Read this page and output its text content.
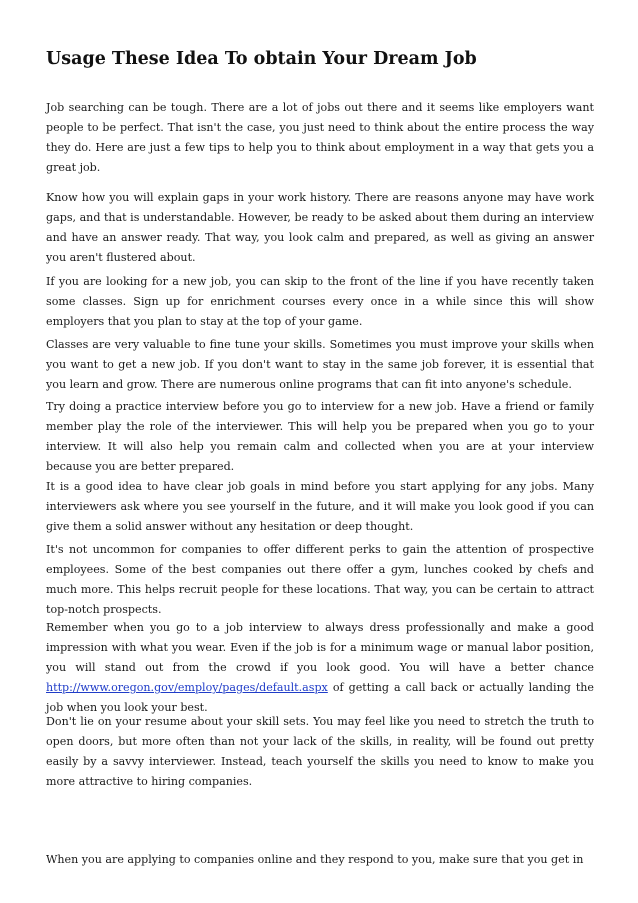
Usage These Idea To obtain Your Dream Job

Job searching can be tough. There are a lot of jobs out there and it seems like employers want people to be perfect. That isn't the case, you just need to think about the entire process the way they do. Here are just a few tips to help you to think about employment in a way that gets you a great job.

Know how you will explain gaps in your work history. There are reasons anyone may have work gaps, and that is understandable. However, be ready to be asked about them during an interview and have an answer ready. That way, you look calm and prepared, as well as giving an answer you aren't flustered about.

If you are looking for a new job, you can skip to the front of the line if you have recently taken some classes. Sign up for enrichment courses every once in a while since this will show employers that you plan to stay at the top of your game.

Classes are very valuable to fine tune your skills. Sometimes you must improve your skills when you want to get a new job. If you don't want to stay in the same job forever, it is essential that you learn and grow. There are numerous online programs that can fit into anyone's schedule.

Try doing a practice interview before you go to interview for a new job. Have a friend or family member play the role of the interviewer. This will help you be prepared when you go to your interview. It will also help you remain calm and collected when you are at your interview because you are better prepared.

It is a good idea to have clear job goals in mind before you start applying for any jobs. Many interviewers ask where you see yourself in the future, and it will make you look good if you can give them a solid answer without any hesitation or deep thought.

It's not uncommon for companies to offer different perks to gain the attention of prospective employees. Some of the best companies out there offer a gym, lunches cooked by chefs and much more. This helps recruit people for these locations. That way, you can be certain to attract top-notch prospects.

Remember when you go to a job interview to always dress professionally and make a good impression with what you wear. Even if the job is for a minimum wage or manual labor position, you will stand out from the crowd if you look good. You will have a better chance http://www.oregon.gov/employ/pages/default.aspx of getting a call back or actually landing the job when you look your best.

Don't lie on your resume about your skill sets. You may feel like you need to stretch the truth to open doors, but more often than not your lack of the skills, in reality, will be found out pretty easily by a savvy interviewer. Instead, teach yourself the skills you need to know to make you more attractive to hiring companies.

When you are applying to companies online and they respond to you, make sure that you get in
